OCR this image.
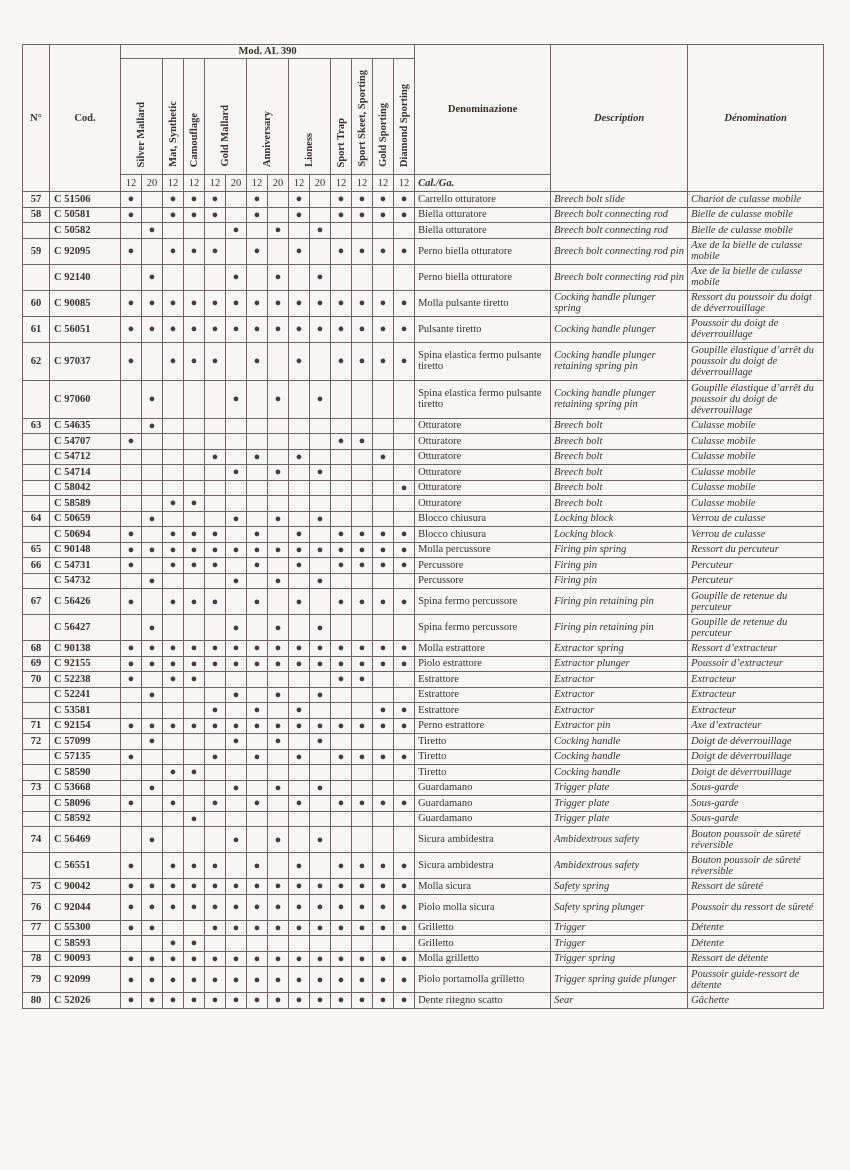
N°	Cod.	Mod. AL 390														Denominazione	Description	Dénomination
		Silver Mallard		Mat, Synthetic	Camouflage	Gold Mallard		Anniversary		Lioness		Sport Trap	Sport Skeet, Sporting	Gold Sporting	Diamond Sporting			
		12	20	12	12	12	20	12	20	12	20	12	12	12	12	Cal./Ga.		
57	C 51506	●		●	●	●		●		●		●	●	●	●	Carrello otturatore	Breech bolt slide	Chariot de culasse mobile
58	C 50581	●		●	●	●		●		●		●	●	●	●	Biella otturatore	Breech bolt connecting rod	Bielle de culasse mobile
	C 50582		●				●		●		●					Biella otturatore	Breech bolt connecting rod	Bielle de culasse mobile
59	C 92095	●		●	●	●		●		●		●	●	●	●	Perno biella otturatore	Breech bolt connecting rod pin	Axe de la bielle de culasse mobile
	C 92140		●				●		●		●					Perno biella otturatore	Breech bolt connecting rod pin	Axe de la bielle de culasse mobile
60	C 90085	●	●	●	●	●	●	●	●	●	●	●	●	●	●	Molla pulsante tiretto	Cocking handle plunger spring	Ressort du poussoir du doigt de déverrouillage
61	C 56051	●	●	●	●	●	●	●	●	●	●	●	●	●	●	Pulsante tiretto	Cocking handle plunger	Poussoir du doigt de déverrouillage
62	C 97037	●		●	●	●		●		●		●	●	●	●	Spina elastica fermo pulsante tiretto	Cocking handle plunger retaining spring pin	Goupille élastique d’arrêt du poussoir du doigt de déverrouillage
	C 97060		●				●		●		●					Spina elastica fermo pulsante tiretto	Cocking handle plunger retaining spring pin	Goupille élastique d’arrêt du poussoir du doigt de déverrouillage
63	C 54635		●													Otturatore	Breech bolt	Culasse mobile
	C 54707	●										●	●			Otturatore	Breech bolt	Culasse mobile
	C 54712					●		●		●				●		Otturatore	Breech bolt	Culasse mobile
	C 54714						●		●		●					Otturatore	Breech bolt	Culasse mobile
	C 58042														●	Otturatore	Breech bolt	Culasse mobile
	C 58589			●	●											Otturatore	Breech bolt	Culasse mobile
64	C 50659		●				●		●		●					Blocco chiusura	Locking block	Verrou de culasse
	C 50694	●		●	●	●		●		●		●	●	●	●	Blocco chiusura	Locking block	Verrou de culasse
65	C 90148	●	●	●	●	●	●	●	●	●	●	●	●	●	●	Molla percussore	Firing pin spring	Ressort du percuteur
66	C 54731	●		●	●	●		●		●		●	●	●	●	Percussore	Firing pin	Percuteur
	C 54732		●				●		●		●					Percussore	Firing pin	Percuteur
67	C 56426	●		●	●	●		●		●		●	●	●	●	Spina fermo percussore	Firing pin retaining pin	Goupille de retenue du percuteur
	C 56427		●				●		●		●					Spina fermo percussore	Firing pin retaining pin	Goupille de retenue du percuteur
68	C 90138	●	●	●	●	●	●	●	●	●	●	●	●	●	●	Molla estrattore	Extractor spring	Ressort d’extracteur
69	C 92155	●	●	●	●	●	●	●	●	●	●	●	●	●	●	Piolo estrattore	Extractor plunger	Poussoir d’extracteur
70	C 52238	●		●	●							●	●			Estrattore	Extractor	Extracteur
	C 52241		●				●		●		●					Estrattore	Extractor	Extracteur
	C 53581					●		●		●				●	●	Estrattore	Extractor	Extracteur
71	C 92154	●	●	●	●	●	●	●	●	●	●	●	●	●	●	Perno estrattore	Extractor pin	Axe d’extracteur
72	C 57099		●				●		●		●					Tiretto	Cocking handle	Doigt de déverrouillage
	C 57135	●				●		●		●		●	●	●	●	Tiretto	Cocking handle	Doigt de déverrouillage
	C 58590			●	●											Tiretto	Cocking handle	Doigt de déverrouillage
73	C 53668		●				●		●		●					Guardamano	Trigger plate	Sous-garde
	C 58096	●		●		●		●		●		●	●	●	●	Guardamano	Trigger plate	Sous-garde
	C 58592				●											Guardamano	Trigger plate	Sous-garde
74	C 56469		●				●		●		●					Sicura ambidestra	Ambidextrous safety	Bouton poussoir de sûreté réversible
	C 56551	●		●	●	●		●		●		●	●	●	●	Sicura ambidestra	Ambidextrous safety	Bouton poussoir de sûreté réversible
75	C 90042	●	●	●	●	●	●	●	●	●	●	●	●	●	●	Molla sicura	Safety spring	Ressort de sûreté
76	C 92044	●	●	●	●	●	●	●	●	●	●	●	●	●	●	Piolo molla sicura	Safety spring plunger	Poussoir du ressort de sûreté
77	C 55300	●	●			●	●	●	●	●	●	●	●	●	●	Grilletto	Trigger	Détente
	C 58593			●	●											Grilletto	Trigger	Détente
78	C 90093	●	●	●	●	●	●	●	●	●	●	●	●	●	●	Molla grilletto	Trigger spring	Ressort de détente
79	C 92099	●	●	●	●	●	●	●	●	●	●	●	●	●	●	Piolo portamolla grilletto	Trigger spring guide plunger	Poussoir guide-ressort de détente
80	C 52026	●	●	●	●	●	●	●	●	●	●	●	●	●	●	Dente ritegno scatto	Sear	Gâchette
